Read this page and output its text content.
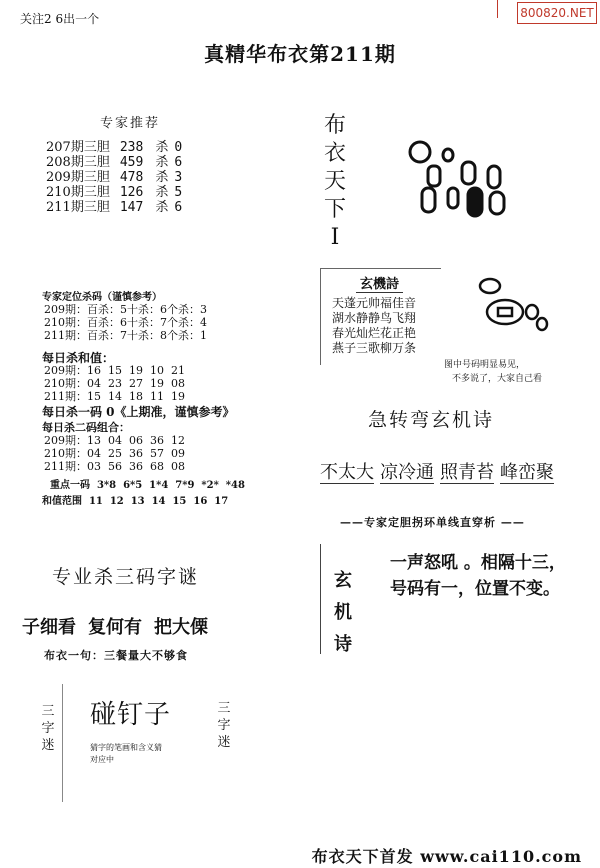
关注2 6出一个	800820.NET
真精华布衣第211期
专家推荐
207期三胆 238 杀 0
208期三胆 459 杀 6
209期三胆 478 杀 3
210期三胆 126 杀 5
211期三胆 147 杀 6
布
衣
天
下
I
专家定位杀码（谨慎参考）
209期：百杀：5十杀：6个杀：3
210期：百杀：6十杀：7个杀：4
211期：百杀：7十杀：8个杀：1
每日杀和值：
209期：16  15  19  10  21
210期：04  23  27  19  08
211期：15  14  18  11  19
每日杀一码 0《上期准，谨慎参考》
每日杀二码组合：
209期：13  04  06  36  12
210期：04  25  36  57  09
211期：03  56  36  68  08
重点一码  3*8  6*5  1*4  7*9  *2*  *48
和值范围  11  12  13  14  15  16  17
玄機詩
天蓬元帅福佳音
湖水静静鸟飞翔
春光灿烂花正艳
燕子三歌柳万条
图中号码明显易见，
不多说了，大家自己看
急转弯玄机诗
不太大 凉冷通 照青苔 峰峦聚
——专家定胆拐环单线直穿析 ——
玄
机
诗
一声怒吼 。相隔十三，
号码有一，位置不变。
专业杀三码字谜
子细看 复何有 把大傈
布衣一句：三餐量大不够食
三
字
迷
三
字
迷
碰钉子
猜字的笔画和含义猜
对应中
布衣天下首发 www.cai110.com
